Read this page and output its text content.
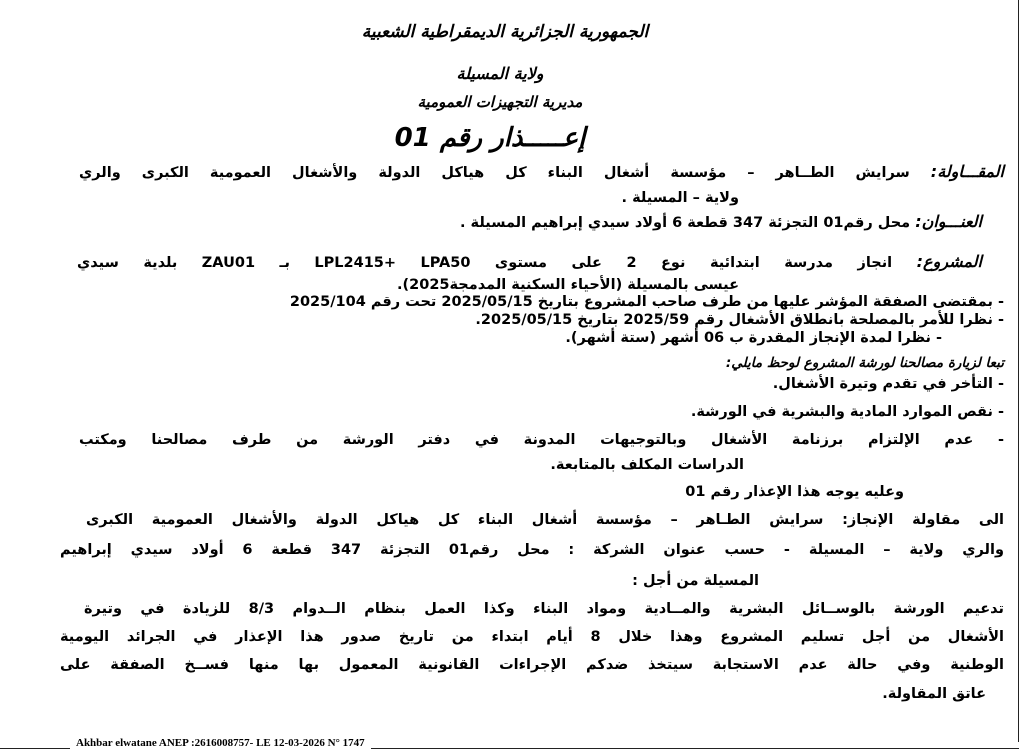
الجمهورية الجزائرية الديمقراطية الشعبية
ولاية المسيلة
مديرية التجهيزات العمومية
إعـــــذار رقم 01
المقـــاولة: سرايش الطــاهر – مؤسسة أشغال البناء كل هياكل الدولة والأشغال العمومية الكبرى والري
ولاية – المسيلة .
العنـــوان: محل رقم01 التجزئة 347 قطعة 6 أولاد سيدي إبراهيم المسيلة .
المشروع: انجاز مدرسة ابتدائية نوع 2 على مستوى LPL2415+ LPA50 بـ ZAU01 بلدية سيدي
عيسى بالمسيلة (الأحياء السكنية المدمجة2025).
- بمقتضى الصفقة المؤشر عليها من طرف صاحب المشروع بتاريخ 2025/05/15 تحت رقم 2025/104
- نظرا للأمر بالمصلحة بانطلاق الأشغال رقم 2025/59 بتاريخ 2025/05/15.
- نظرا لمدة الإنجاز المقدرة ب 06 أشهر (ستة أشهر).
تبعا لزيارة مصالحنا لورشة المشروع لوحظ مايلي:
- التأخر في تقدم وتيرة الأشغال.
- نقص الموارد المادية والبشرية في الورشة.
- عدم الإلتزام برزنامة الأشغال وبالتوجيهات المدونة في دفتر الورشة من طرف مصالحنا ومكتب
الدراسات المكلف بالمتابعة.
وعليه يوجه هذا الإعذار رقم 01
الى مقاولة الإنجاز: سرايش الطـاهر – مؤسسة أشغال البناء كل هياكل الدولة والأشغال العمومية الكبرى
والري ولاية – المسيلة - حسب عنوان الشركة : محل رقم01 التجزئة 347 قطعة 6 أولاد سيدي إبراهيم
المسيلة من أجل :
تدعيم الورشة بالوســائل البشرية والمــادية ومواد البناء وكذا العمل بنظام الــدوام 8/3 للزيادة في وتيرة
الأشغال من أجل تسليم المشروع وهذا خلال 8 أيام ابتداء من تاريخ صدور هذا الإعذار في الجرائد اليومية
الوطنية وفي حالة عدم الاستجابة سيتخذ ضدكم الإجراءات القانونية المعمول بها منها فســخ الصفقة على
عاتق المقاولة.
Akhbar elwatane ANEP :2616008757- LE 12-03-2026 N° 1747
